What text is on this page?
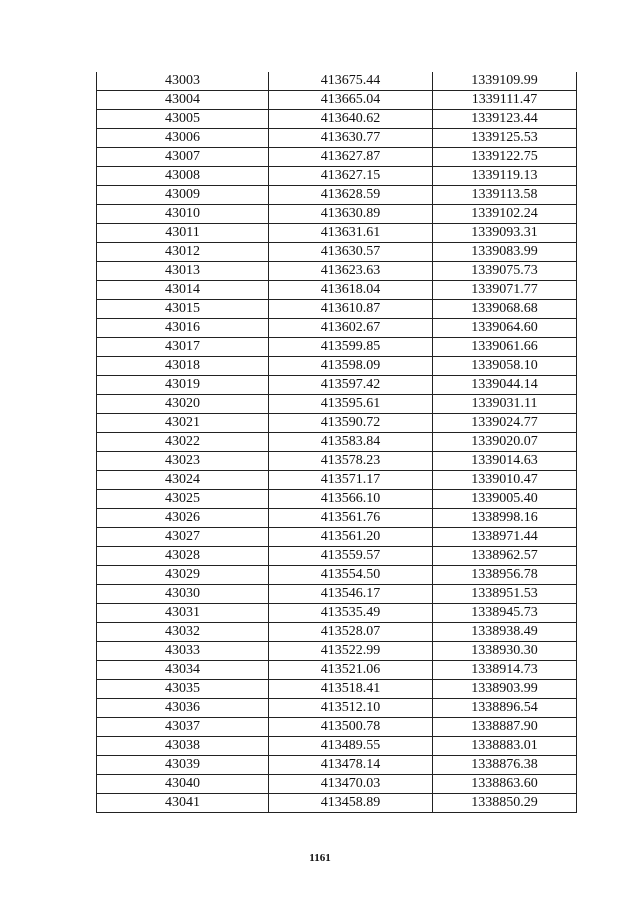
43003	413675.44	1339109.99
43004	413665.04	1339111.47
43005	413640.62	1339123.44
43006	413630.77	1339125.53
43007	413627.87	1339122.75
43008	413627.15	1339119.13
43009	413628.59	1339113.58
43010	413630.89	1339102.24
43011	413631.61	1339093.31
43012	413630.57	1339083.99
43013	413623.63	1339075.73
43014	413618.04	1339071.77
43015	413610.87	1339068.68
43016	413602.67	1339064.60
43017	413599.85	1339061.66
43018	413598.09	1339058.10
43019	413597.42	1339044.14
43020	413595.61	1339031.11
43021	413590.72	1339024.77
43022	413583.84	1339020.07
43023	413578.23	1339014.63
43024	413571.17	1339010.47
43025	413566.10	1339005.40
43026	413561.76	1338998.16
43027	413561.20	1338971.44
43028	413559.57	1338962.57
43029	413554.50	1338956.78
43030	413546.17	1338951.53
43031	413535.49	1338945.73
43032	413528.07	1338938.49
43033	413522.99	1338930.30
43034	413521.06	1338914.73
43035	413518.41	1338903.99
43036	413512.10	1338896.54
43037	413500.78	1338887.90
43038	413489.55	1338883.01
43039	413478.14	1338876.38
43040	413470.03	1338863.60
43041	413458.89	1338850.29
1161
